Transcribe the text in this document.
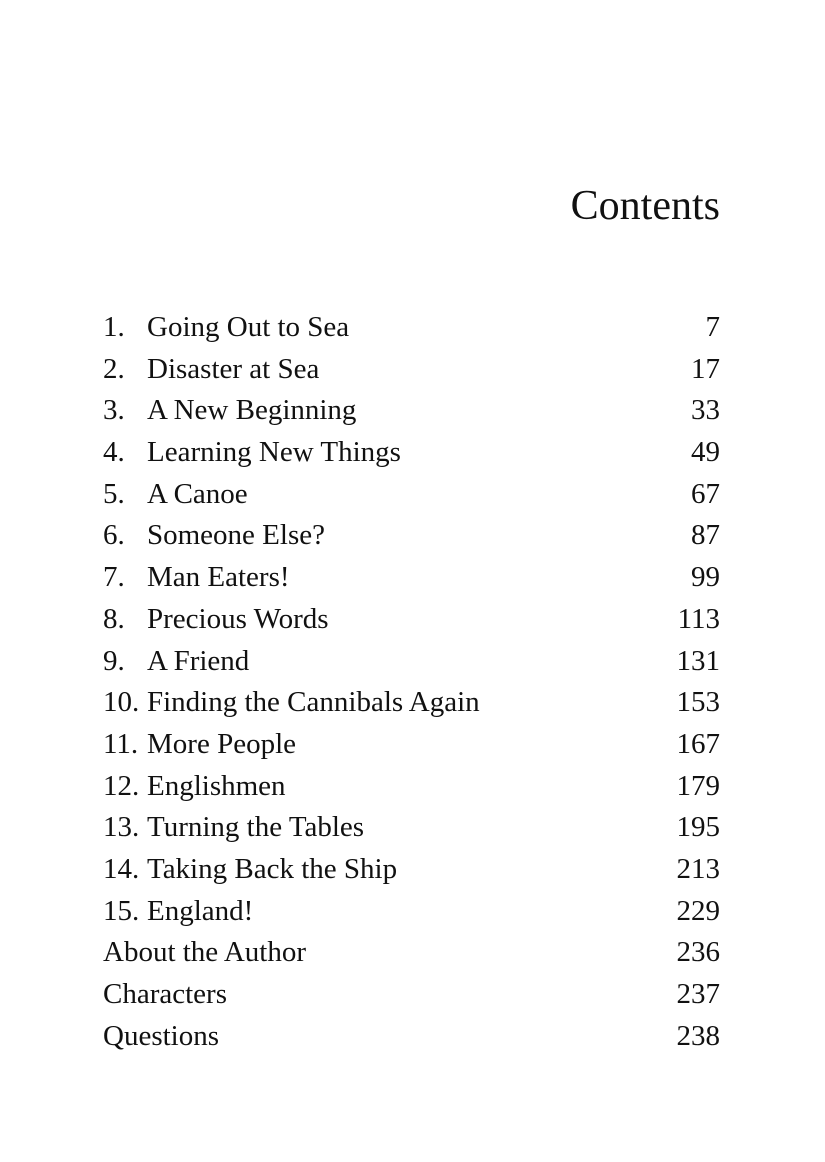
Contents
1. Going Out to Sea	7
2. Disaster at Sea	17
3. A New Beginning	33
4. Learning New Things	49
5. A Canoe	67
6. Someone Else?	87
7. Man Eaters!	99
8. Precious Words	113
9. A Friend	131
10. Finding the Cannibals Again	153
11. More People	167
12. Englishmen	179
13. Turning the Tables	195
14. Taking Back the Ship	213
15. England!	229
About the Author	236
Characters	237
Questions	238
